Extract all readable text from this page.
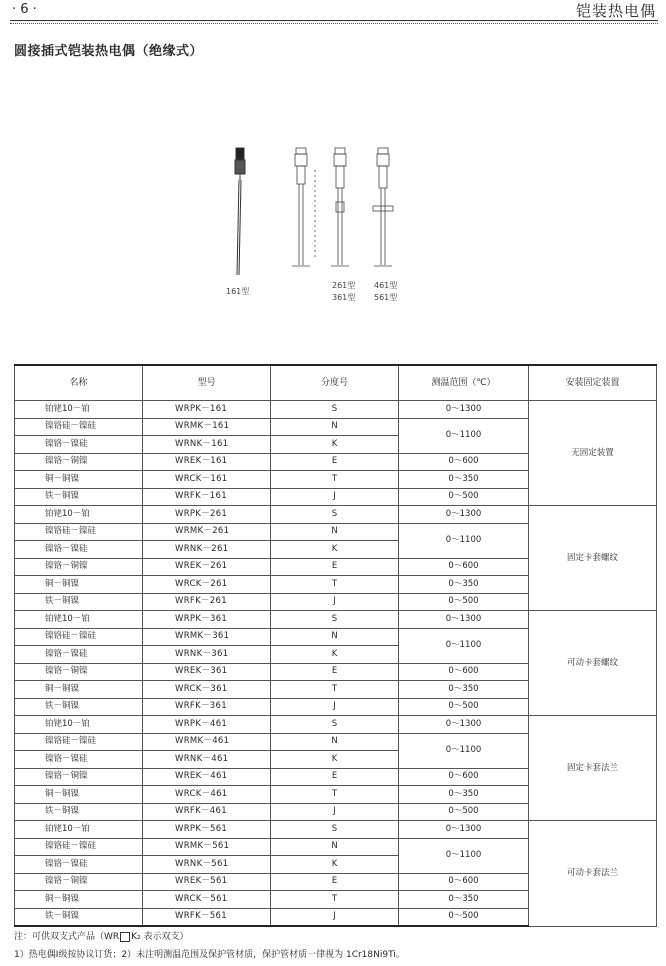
· 6 ·	铠装热电偶
圆接插式铠装热电偶（绝缘式）
161型
261型
361型
461型
561型
名称	型号	分度号	测温范围（℃）	安装固定装置
铂铑10－铂	WRPK－161	S	0～1300	无固定装置
镍铬硅－镍硅	WRMK－161	N	0～1100	
镍铬－镍硅	WRNK－161	K		
镍铬－铜镍	WREK－161	E	0～600	
铜－铜镍	WRCK－161	T	0～350	
铁－铜镍	WRFK－161	J	0～500	
铂铑10－铂	WRPK－261	S	0～1300	固定卡套螺纹
镍铬硅－镍硅	WRMK－261	N	0～1100	
镍铬－镍硅	WRNK－261	K		
镍铬－铜镍	WREK－261	E	0～600	
铜－铜镍	WRCK－261	T	0～350	
铁－铜镍	WRFK－261	J	0～500	
铂铑10－铂	WRPK－361	S	0～1300	可动卡套螺纹
镍铬硅－镍硅	WRMK－361	N	0～1100	
镍铬－镍硅	WRNK－361	K		
镍铬－铜镍	WREK－361	E	0～600	
铜－铜镍	WRCK－361	T	0～350	
铁－铜镍	WRFK－361	J	0～500	
铂铑10－铂	WRPK－461	S	0～1300	固定卡套法兰
镍铬硅－镍硅	WRMK－461	N	0～1100	
镍铬－镍硅	WRNK－461	K		
镍铬－铜镍	WREK－461	E	0～600	
铜－铜镍	WRCK－461	T	0～350	
铁－铜镍	WRFK－461	J	0～500	
铂铑10－铂	WRPK－561	S	0～1300	可动卡套法兰
镍铬硅－镍硅	WRMK－561	N	0～1100	
镍铬－镍硅	WRNK－561	K		
镍铬－铜镍	WREK－561	E	0～600	
铜－铜镍	WRCK－561	T	0～350	
铁－铜镍	WRFK－561	J	0～500	
注：可供双支式产品（WR K₂ 表示双支）
1）热电偶Ⅰ级按协议订货；2）未注明测温范围及保护管材质，保护管材质一律视为 1Cr18Ni9Ti。
